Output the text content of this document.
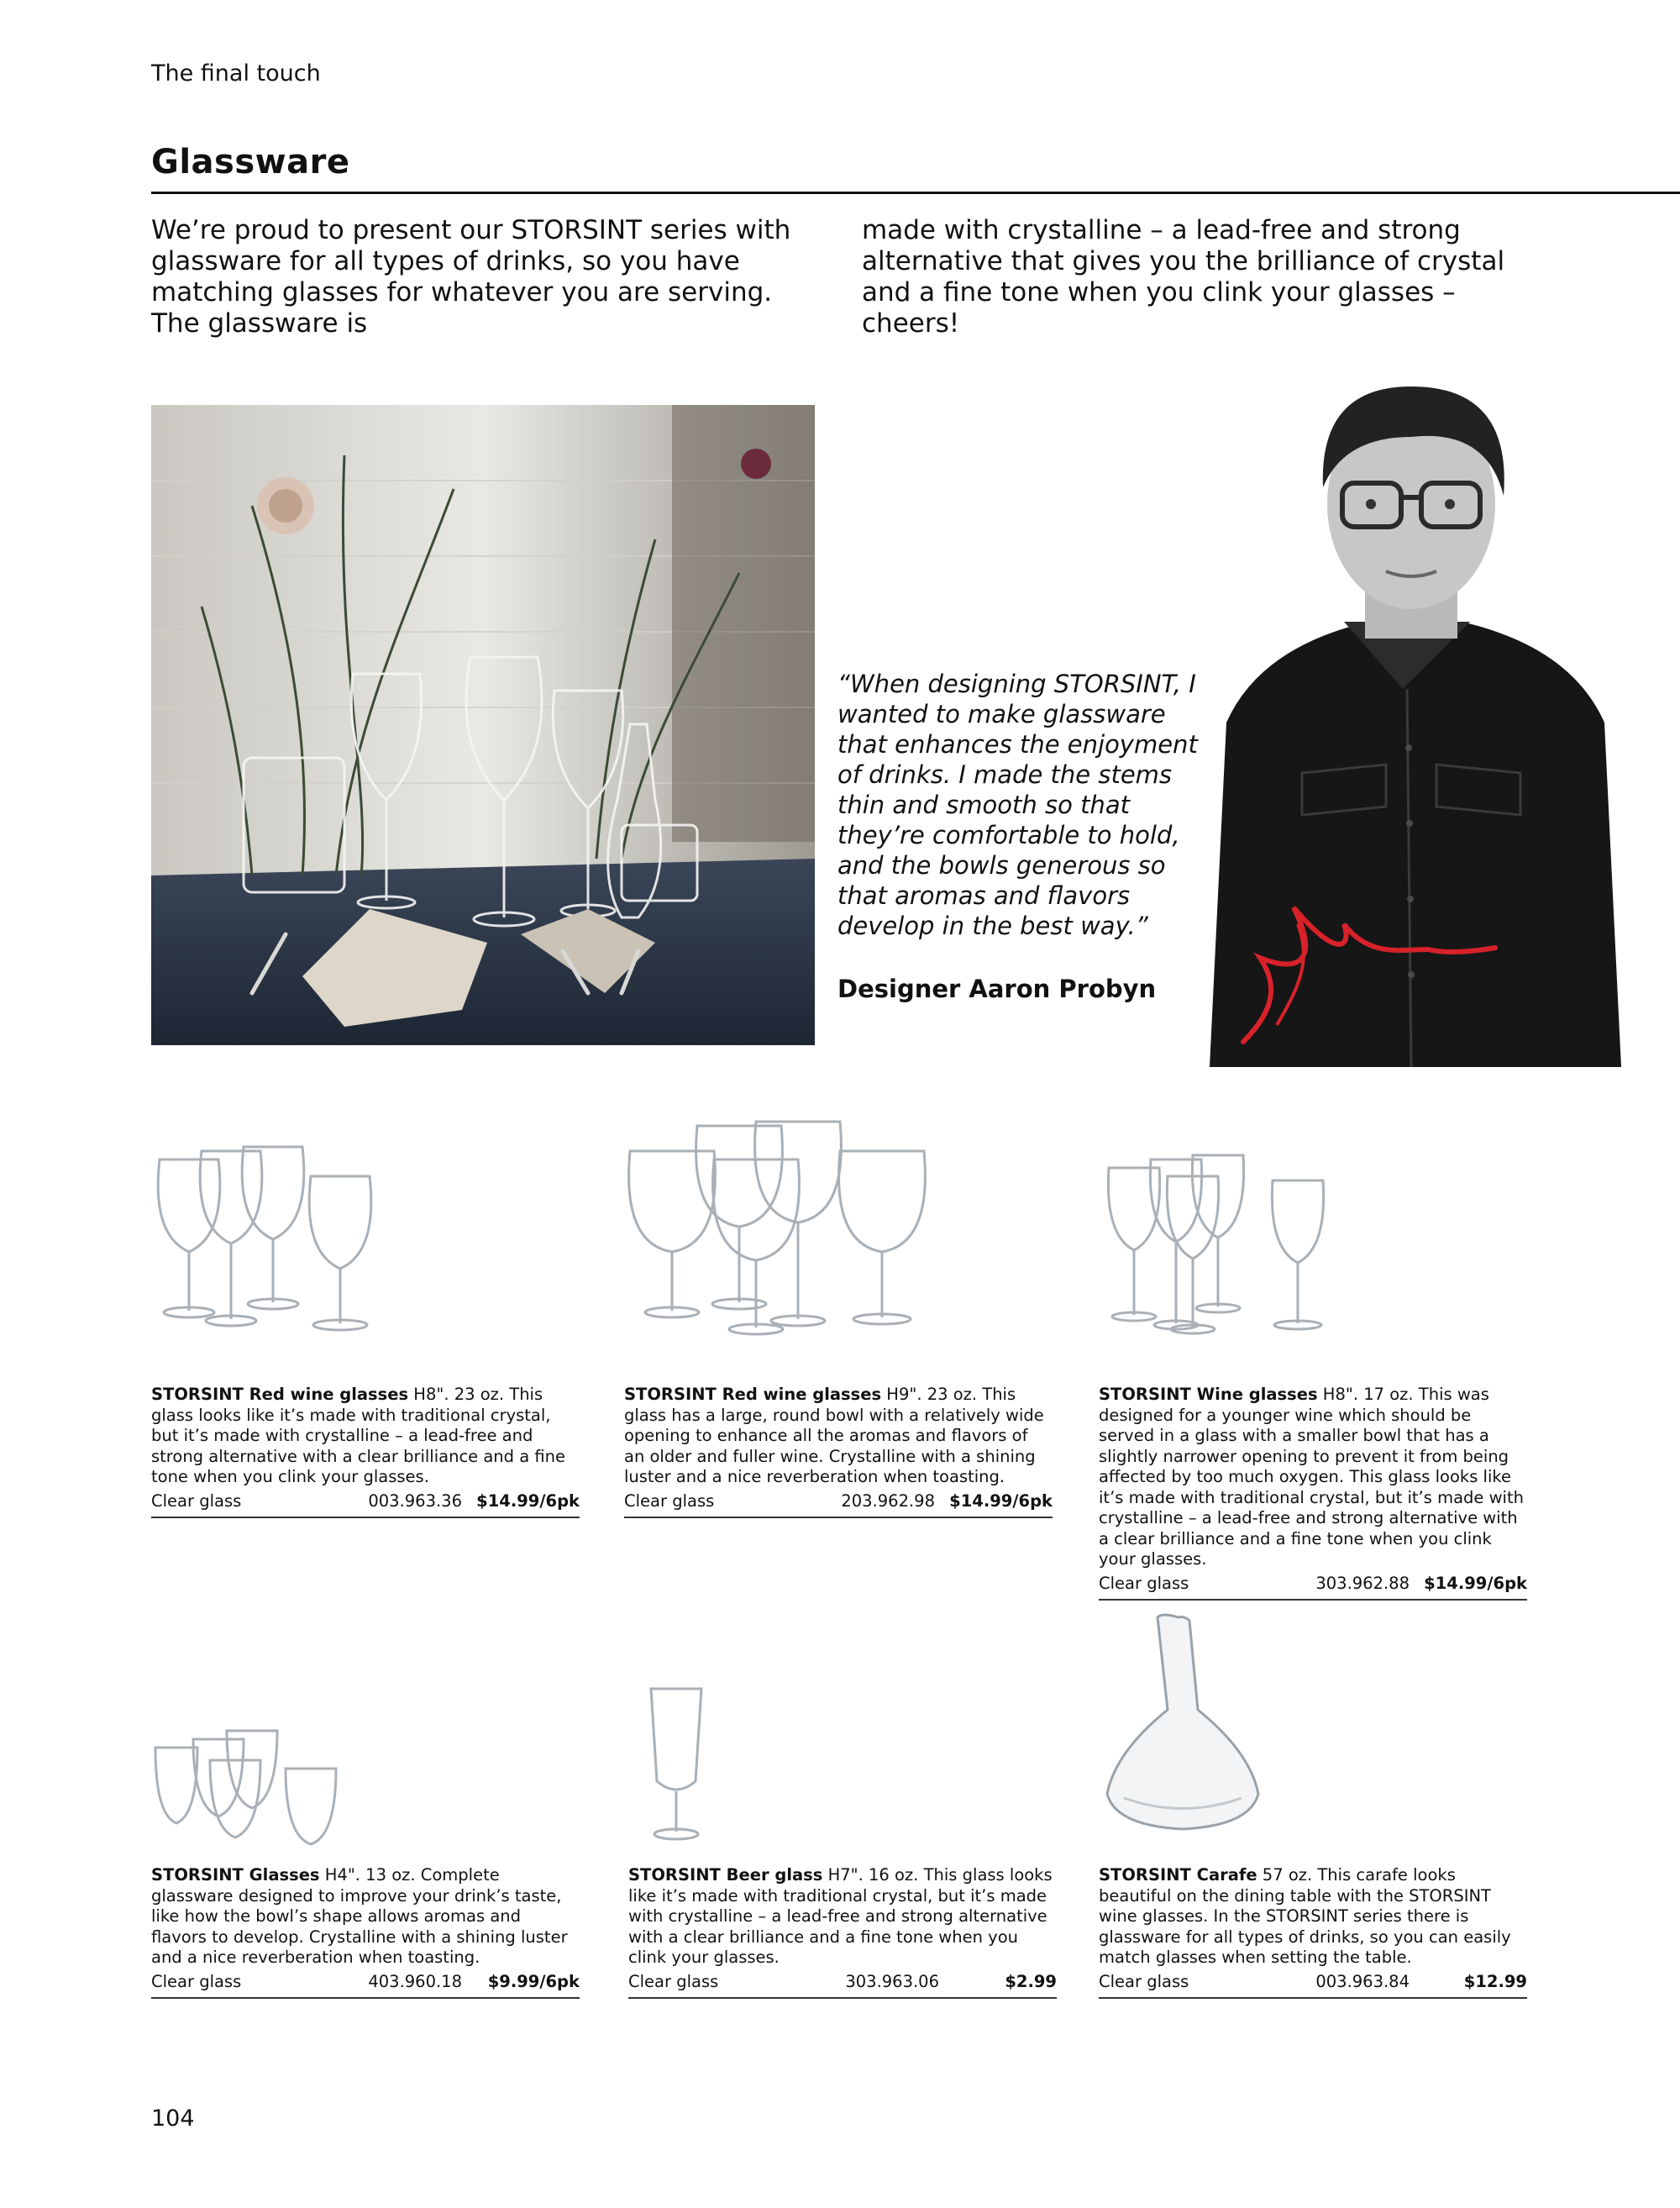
The final touch
Glassware
We’re proud to present our STORSINT series with glassware for all types of drinks, so you have matching glasses for whatever you are serving. The glassware is
made with crystalline – a lead-free and strong alternative that gives you the brilliance of crystal and a fine tone when you clink your glasses – cheers!
“When designing STORSINT, I wanted to make glassware that enhances the enjoyment of drinks. I made the stems thin and smooth so that they’re comfortable to hold, and the bowls generous so that aromas and flavors develop in the best way.”
Designer Aaron Probyn
STORSINT Red wine glasses H8". 23 oz. This glass looks like it’s made with traditional crystal, but it’s made with crystalline – a lead-free and strong alternative with a clear brilliance and a fine tone when you clink your glasses.
Clear glass	003.963.36 $14.99/6pk
STORSINT Red wine glasses H9". 23 oz. This glass has a large, round bowl with a relatively wide opening to enhance all the aromas and flavors of an older and fuller wine. Crystalline with a shining luster and a nice reverberation when toasting.
Clear glass	203.962.98 $14.99/6pk
STORSINT Wine glasses H8". 17 oz. This was designed for a younger wine which should be served in a glass with a smaller bowl that has a slightly narrower opening to prevent it from being affected by too much oxygen. This glass looks like it’s made with traditional crystal, but it’s made with crystalline – a lead-free and strong alternative with a clear brilliance and a fine tone when you clink your glasses.
Clear glass	303.962.88 $14.99/6pk
STORSINT Glasses H4". 13 oz. Complete glassware designed to improve your drink’s taste, like how the bowl’s shape allows aromas and flavors to develop. Crystalline with a shining luster and a nice reverberation when toasting.
Clear glass	403.960.18	$9.99/6pk
STORSINT Beer glass H7". 16 oz. This glass looks like it’s made with traditional crystal, but it’s made with crystalline – a lead-free and strong alternative with a clear brilliance and a fine tone when you clink your glasses.
Clear glass	303.963.06	$2.99
STORSINT Carafe 57 oz. This carafe looks beautiful on the dining table with the STORSINT wine glasses. In the STORSINT series there is glassware for all types of drinks, so you can easily match glasses when setting the table.
Clear glass	003.963.84	$12.99
104
